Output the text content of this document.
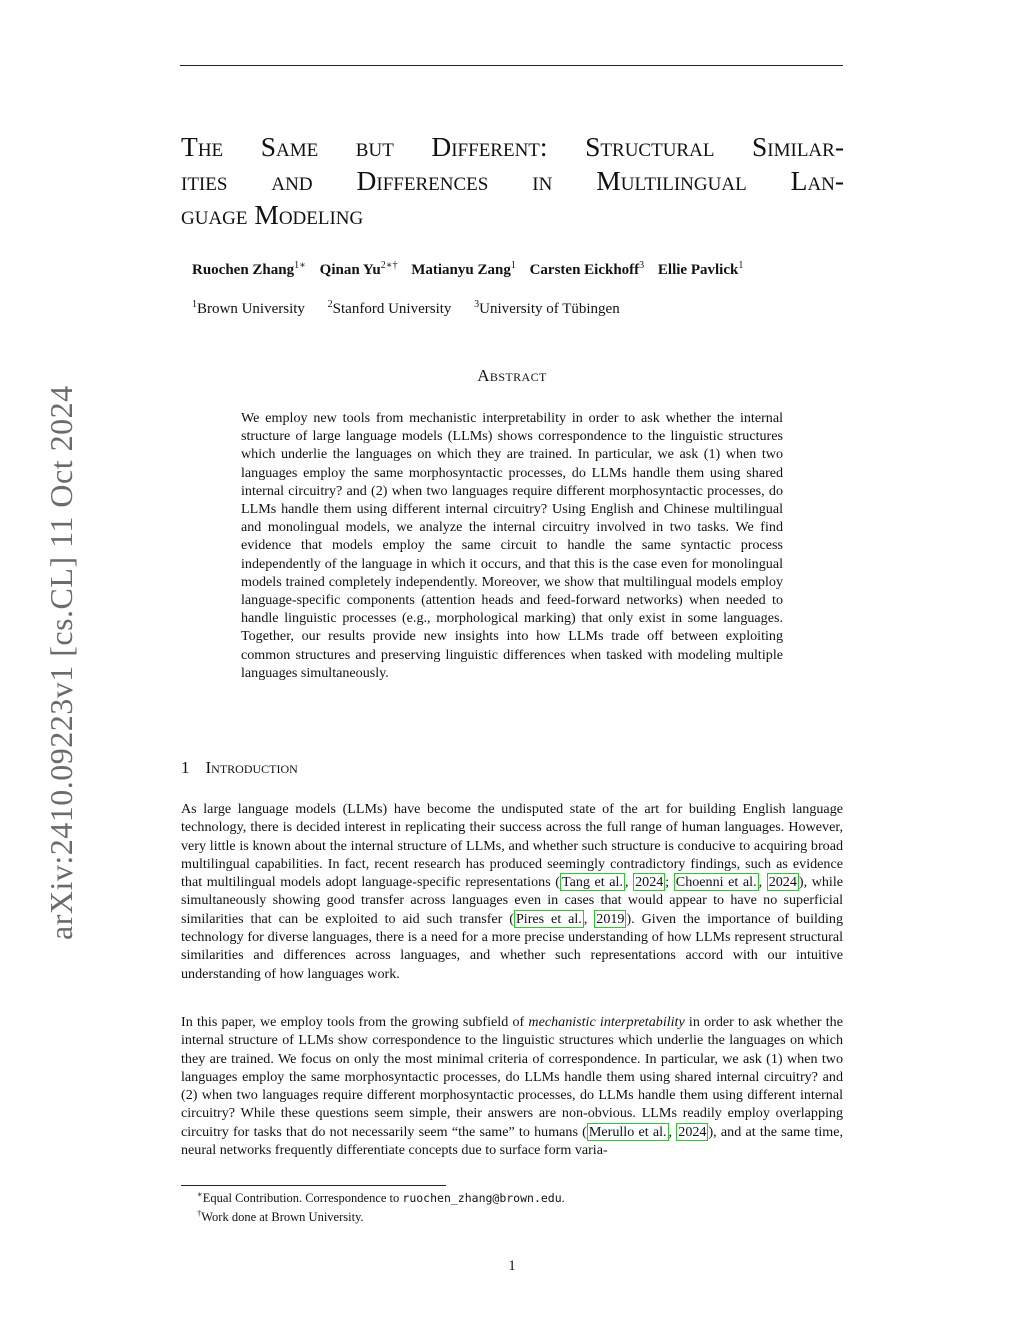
arXiv:2410.09223v1 [cs.CL] 11 Oct 2024
The Same but Different: Structural Similar-
ities and Differences in Multilingual Lan-
guage Modeling
Ruochen Zhang$^{1∗}$ Qinan $Yu^{2∗\dagger}$ Matianyu Zang$^1$ Carsten Eickhoff$^3$ Ellie Pavlick$^1$
$^1$Brown University $^2$Stanford University $^3$University of Tübingen
Abstract

We employ new tools from mechanistic interpretability in order to ask whether the internal structure of large language models (LLMs) shows correspondence to the linguistic structures which underlie the languages on which they are trained. In particular, we ask (1) when two languages employ the same morphosyntactic processes, do LLMs handle them using shared internal circuitry? and (2) when two languages require different morphosyntactic processes, do LLMs handle them using different internal circuitry? Using English and Chinese multilingual and monolingual models, we analyze the internal circuitry involved in two tasks. We find evidence that models employ the same circuit to handle the same syntactic process independently of the language in which it occurs, and that this is the case even for monolingual models trained completely independently. Moreover, we show that multilingual models employ language-specific components (attention heads and feed-forward networks) when needed to handle linguistic processes (e.g., morphological marking) that only exist in some languages. Together, our results provide new insights into how LLMs trade off between exploiting common structures and preserving linguistic differences when tasked with modeling multiple languages simultaneously.

1 Introduction

As large language models (LLMs) have become the undisputed state of the art for building English language technology, there is decided interest in replicating their success across the full range of human languages. However, very little is known about the internal structure of LLMs, and whether such structure is conducive to acquiring broad multilingual capabilities. In fact, recent research has produced seemingly contradictory findings, such as evidence that multilingual models adopt language-specific representations ( Tang et al. , 2024 ; Choenni et al. , 2024 ), while simultaneously showing good transfer across languages even in cases that would appear to have no superficial similarities that can be exploited to aid such transfer ( Pires et al. , 2019 ). Given the importance of building technology for diverse languages, there is a need for a more precise understanding of how LLMs represent structural similarities and differences across languages, and whether such representations accord with our intuitive understanding of how languages work.

In this paper, we employ tools from the growing subfield of mechanistic interpretability in order to ask whether the internal structure of LLMs show correspondence to the linguistic structures which underlie the languages on which they are trained. We focus on only the most minimal criteria of correspondence. In particular, we ask (1) when two languages employ the same morphosyntactic processes, do LLMs handle them using shared internal circuitry? and (2) when two languages require different morphosyntactic processes, do LLMs handle them using different internal circuitry? While these questions seem simple, their answers are non-obvious. LLMs readily employ overlapping circuitry for tasks that do not necessarily seem “the same” to humans ( Merullo et al. , 2024 ), and at the same time, neural networks frequently differentiate concepts due to surface form varia-

∗Equal Contribution. Correspondence to ruochen_zhang@brown.edu.
†Work done at Brown University.
1
